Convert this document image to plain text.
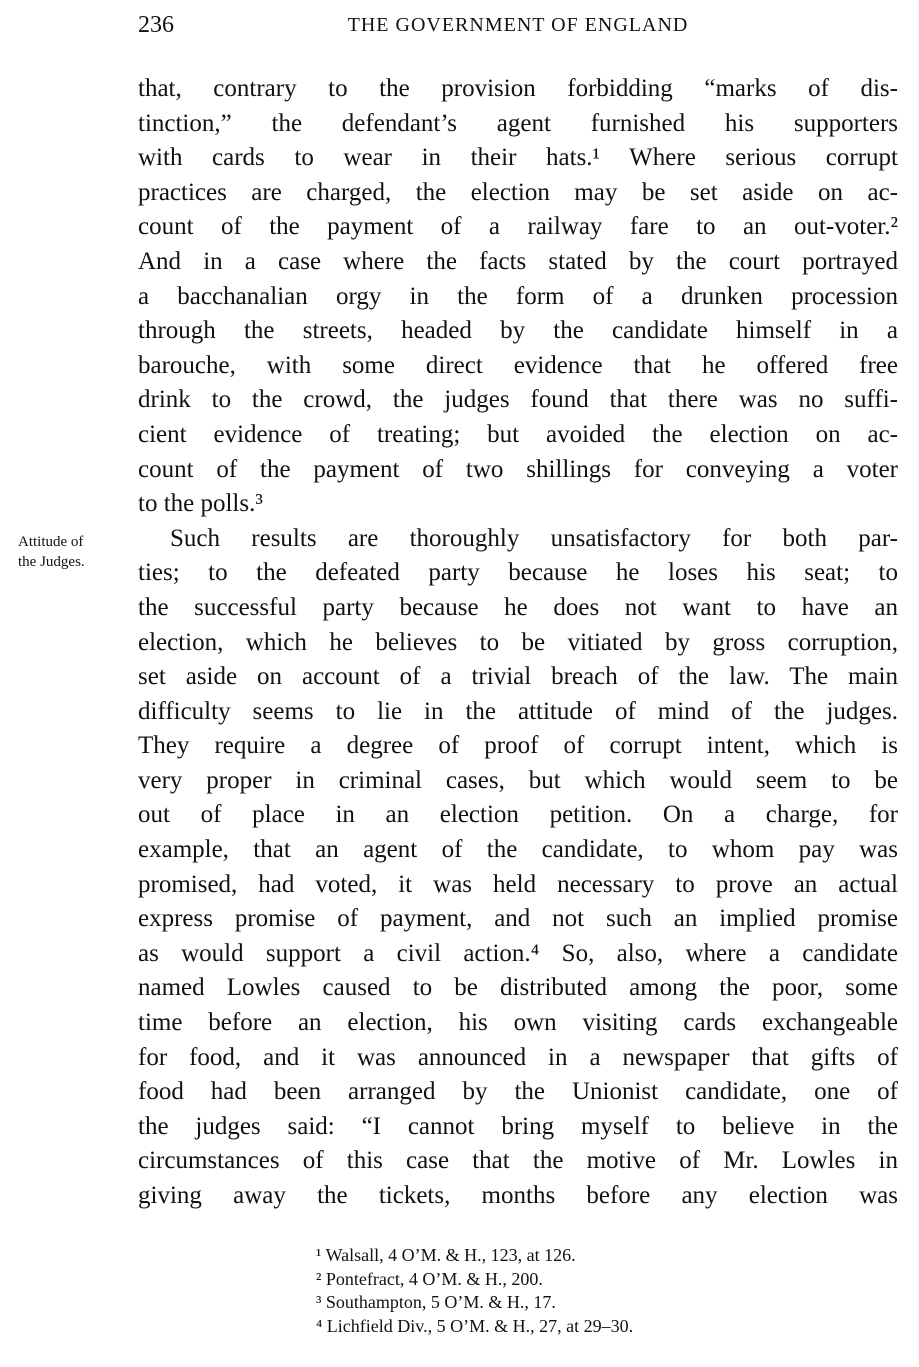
236	THE GOVERNMENT OF ENGLAND
Attitude of
the Judges.
that, contrary to the provision forbidding “marks of dis-
tinction,” the defendant’s agent furnished his supporters
with cards to wear in their hats.¹ Where serious corrupt
practices are charged, the election may be set aside on ac-
count of the payment of a railway fare to an out-voter.²
And in a case where the facts stated by the court portrayed
a bacchanalian orgy in the form of a drunken procession
through the streets, headed by the candidate himself in a
barouche, with some direct evidence that he offered free
drink to the crowd, the judges found that there was no suffi-
cient evidence of treating; but avoided the election on ac-
count of the payment of two shillings for conveying a voter
to the polls.³
Such results are thoroughly unsatisfactory for both par-
ties; to the defeated party because he loses his seat; to
the successful party because he does not want to have an
election, which he believes to be vitiated by gross corruption,
set aside on account of a trivial breach of the law. The main
difficulty seems to lie in the attitude of mind of the judges.
They require a degree of proof of corrupt intent, which is
very proper in criminal cases, but which would seem to be
out of place in an election petition. On a charge, for
example, that an agent of the candidate, to whom pay was
promised, had voted, it was held necessary to prove an actual
express promise of payment, and not such an implied promise
as would support a civil action.⁴ So, also, where a candidate
named Lowles caused to be distributed among the poor, some
time before an election, his own visiting cards exchangeable
for food, and it was announced in a newspaper that gifts of
food had been arranged by the Unionist candidate, one of
the judges said: “I cannot bring myself to believe in the
circumstances of this case that the motive of Mr. Lowles in
giving away the tickets, months before any election was
¹ Walsall, 4 O’M. & H., 123, at 126.
² Pontefract, 4 O’M. & H., 200.
³ Southampton, 5 O’M. & H., 17.
⁴ Lichfield Div., 5 O’M. & H., 27, at 29–30.
